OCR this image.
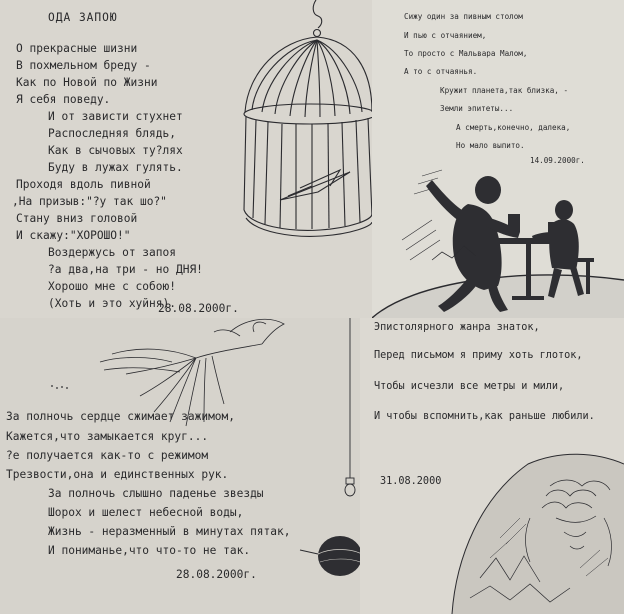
ОДА ЗАПОЮ

О прекрасные шизни

В похмельном бреду -

Как по Новой по Жизни

Я себя поведу.

И от зависти стухнет

Распоследняя блядь,

Как в сычовых ту?лях

Буду в лужах гулять.

Проходя вдоль пивной

,На призыв:"?у так шо?"

Стану вниз головой

И скажу:"ХОРОШО!"

Воздержусь от запоя

?а два,на три - но ДНЯ!

Хорошо мне с собою!

(Хоть и это хуйня).

28.08.2000г.

Сижу один за пивным столом

И пью с отчаянием,

То просто с Мальвара Малом,

А то с отчаянья.

Кружит планета,так близка, -

Земли эпитеты...

А смерть,конечно, далека,

Но мало выпито.

14.09.2000г.

За полночь сердце сжимает зажимом,

Кажется,что замыкается круг...

?е получается как-то с режимом

Трезвости,она и единственных рук.

За полночь слышно паденье звезды

Шорох и шелест небесной воды,

Жизнь - неразменный в минутах пятак,

И пониманье,что что-то не так.

28.08.2000г.

Эпистолярного жанра знаток,

Перед письмом я приму хоть глоток,

Чтобы исчезли все метры и мили,

И чтобы вспомнить,как раньше любили.

31.08.2000
